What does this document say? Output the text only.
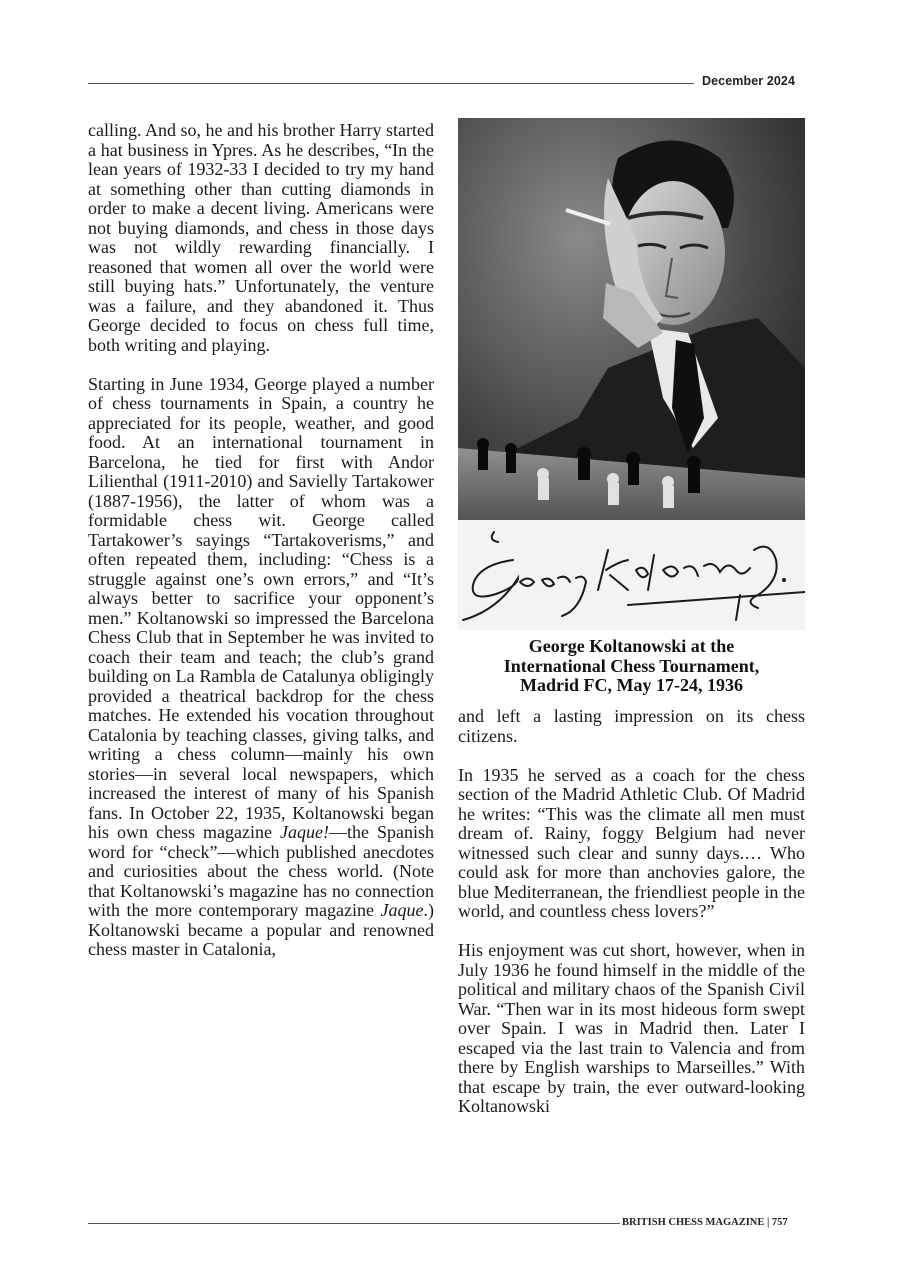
December 2024

calling. And so, he and his brother Harry started a hat business in Ypres. As he describes, “In the lean years of 1932-33 I decided to try my hand at something other than cutting diamonds in order to make a decent living. Americans were not buying diamonds, and chess in those days was not wildly rewarding financially. I reasoned that women all over the world were still buying hats.” Unfortunately, the venture was a failure, and they abandoned it. Thus George decided to focus on chess full time, both writing and playing.

Starting in June 1934, George played a number of chess tournaments in Spain, a country he appreciated for its people, weather, and good food. At an international tournament in Barcelona, he tied for first with Andor Lilienthal (1911-2010) and Savielly Tartakower (1887-1956), the latter of whom was a formidable chess wit. George called Tartakower’s sayings “Tartakoverisms,” and often repeated them, including: “Chess is a struggle against one’s own errors,” and “It’s always better to sacrifice your opponent’s men.” Koltanowski so impressed the Barcelona Chess Club that in September he was invited to coach their team and teach; the club’s grand building on La Rambla de Catalunya obligingly provided a theatrical backdrop for the chess matches. He extended his vocation throughout Catalonia by teaching classes, giving talks, and writing a chess column—mainly his own stories—in several local newspapers, which increased the interest of many of his Spanish fans. In October 22, 1935, Koltanowski began his own chess magazine Jaque!—the Spanish word for “check”—which published anecdotes and curiosities about the chess world. (Note that Koltanowski’s magazine has no connection with the more contemporary magazine Jaque.) Koltanowski became a popular and renowned chess master in Catalonia,

George Koltanowski at the
International Chess Tournament,
Madrid FC, May 17-24, 1936

and left a lasting impression on its chess citizens.

In 1935 he served as a coach for the chess section of the Madrid Athletic Club. Of Madrid he writes: “This was the climate all men must dream of. Rainy, foggy Belgium had never witnessed such clear and sunny days.… Who could ask for more than anchovies galore, the blue Mediterranean, the friendliest people in the world, and countless chess lovers?”

His enjoyment was cut short, however, when in July 1936 he found himself in the middle of the political and military chaos of the Spanish Civil War. “Then war in its most hideous form swept over Spain. I was in Madrid then. Later I escaped via the last train to Valencia and from there by English warships to Marseilles.” With that escape by train, the ever outward-looking Koltanowski

BRITISH CHESS MAGAZINE | 757
